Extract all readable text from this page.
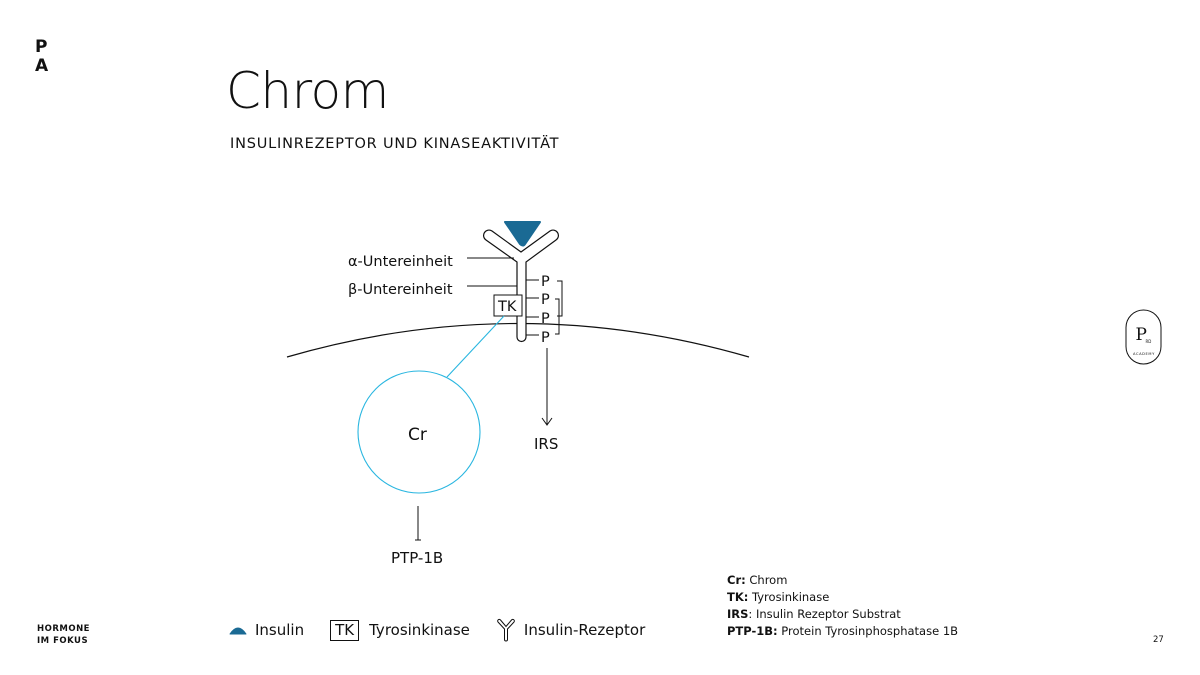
P
A	Chrom
INSULINREZEPTOR UND KINASEAKTIVITÄT
α-Untereinheit
β-Untereinheit
TK
P
P
P
P
IRS
Cr
PTP-1B
Insulin	TK	Tyrosinkinase	Insulin-Rezeptor
Cr: Chrom
TK: Tyrosinkinase
IRS: Insulin Rezeptor Substrat
PTP-1B: Protein Tyrosinphosphatase 1B
HORMONE
IM FOKUS	27
P
RD
ACADEMY
